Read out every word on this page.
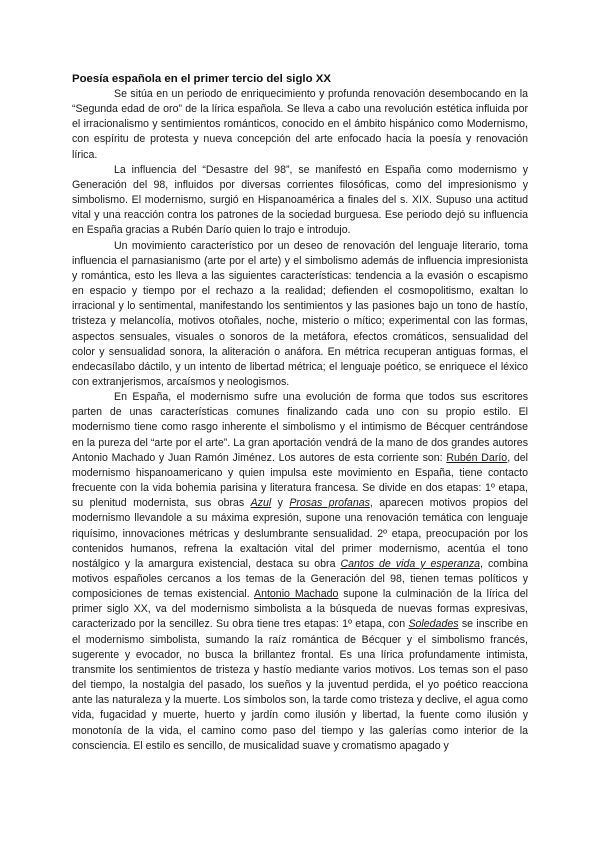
Poesía española en el primer tercio del siglo XX

Se sitúa en un periodo de enriquecimiento y profunda renovación desembocando en la “Segunda edad de oro” de la lírica española. Se lleva a cabo una revolución estética influida por el irracionalismo y sentimientos románticos, conocido en el ámbito hispánico como Modernismo, con espíritu de protesta y nueva concepción del arte enfocado hacia la poesía y renovación lírica.

La influencia del “Desastre del 98”, se manifestó en España como modernismo y Generación del 98, influidos por diversas corrientes filosóficas, como del impresionismo y simbolismo. El modernismo, surgió en Hispanoamérica a finales del s. XIX. Supuso una actitud vital y una reacción contra los patrones de la sociedad burguesa. Ese periodo dejó su influencia en España gracias a Rubén Darío quien lo trajo e introdujo.

Un movimiento característico por un deseo de renovación del lenguaje literario, toma influencia el parnasianismo (arte por el arte) y el simbolismo además de influencia impresionista y romántica, esto les lleva a las siguientes características: tendencia a la evasión o escapismo en espacio y tiempo por el rechazo a la realidad; defienden el cosmopolitismo, exaltan lo irracional y lo sentimental, manifestando los sentimientos y las pasiones bajo un tono de hastío, tristeza y melancolía, motivos otoñales, noche, misterio o mítico; experimental con las formas, aspectos sensuales, visuales o sonoros de la metáfora, efectos cromáticos, sensualidad del color y sensualidad sonora, la aliteración o anáfora. En métrica recuperan antiguas formas, el endecasílabo dáctilo, y un intento de libertad métrica; el lenguaje poético, se enriquece el léxico con extranjerismos, arcaísmos y neologismos.

En España, el modernismo sufre una evolución de forma que todos sus escritores parten de unas características comunes finalizando cada uno con su propio estilo. El modernismo tiene como rasgo inherente el simbolismo y el intimismo de Bécquer centrándose en la pureza del “arte por el arte”. La gran aportación vendrá de la mano de dos grandes autores Antonio Machado y Juan Ramón Jiménez. Los autores de esta corriente son: Rubén Darío, del modernismo hispanoamericano y quien impulsa este movimiento en España, tiene contacto frecuente con la vida bohemia parisina y literatura francesa. Se divide en dos etapas: 1º etapa, su plenitud modernista, sus obras Azul y Prosas profanas, aparecen motivos propios del modernismo llevandole a su máxima expresión, supone una renovación temática con lenguaje riquísimo, innovaciones métricas y deslumbrante sensualidad. 2º etapa, preocupación por los contenidos humanos, refrena la exaltación vital del primer modernismo, acentúa el tono nostálgico y la amargura existencial, destaca su obra Cantos de vida y esperanza, combina motivos españoles cercanos a los temas de la Generación del 98, tienen temas políticos y composiciones de temas existencial. Antonio Machado supone la culminación de la lírica del primer siglo XX, va del modernismo simbolista a la búsqueda de nuevas formas expresivas, caracterizado por la sencillez. Su obra tiene tres etapas: 1º etapa, con Soledades se inscribe en el modernismo simbolista, sumando la raíz romántica de Bécquer y el simbolismo francés, sugerente y evocador, no busca la brillantez frontal. Es una lírica profundamente intimista, transmite los sentimientos de tristeza y hastío mediante varios motivos. Los temas son el paso del tiempo, la nostalgia del pasado, los sueños y la juventud perdida, el yo poético reacciona ante las naturaleza y la muerte. Los símbolos son, la tarde como tristeza y declive, el agua como vida, fugacidad y muerte, huerto y jardín como ilusión y libertad, la fuente como ilusión y monotonía de la vida, el camino como paso del tiempo y las galerías como interior de la consciencia. El estilo es sencillo, de musicalidad suave y cromatismo apagado y
